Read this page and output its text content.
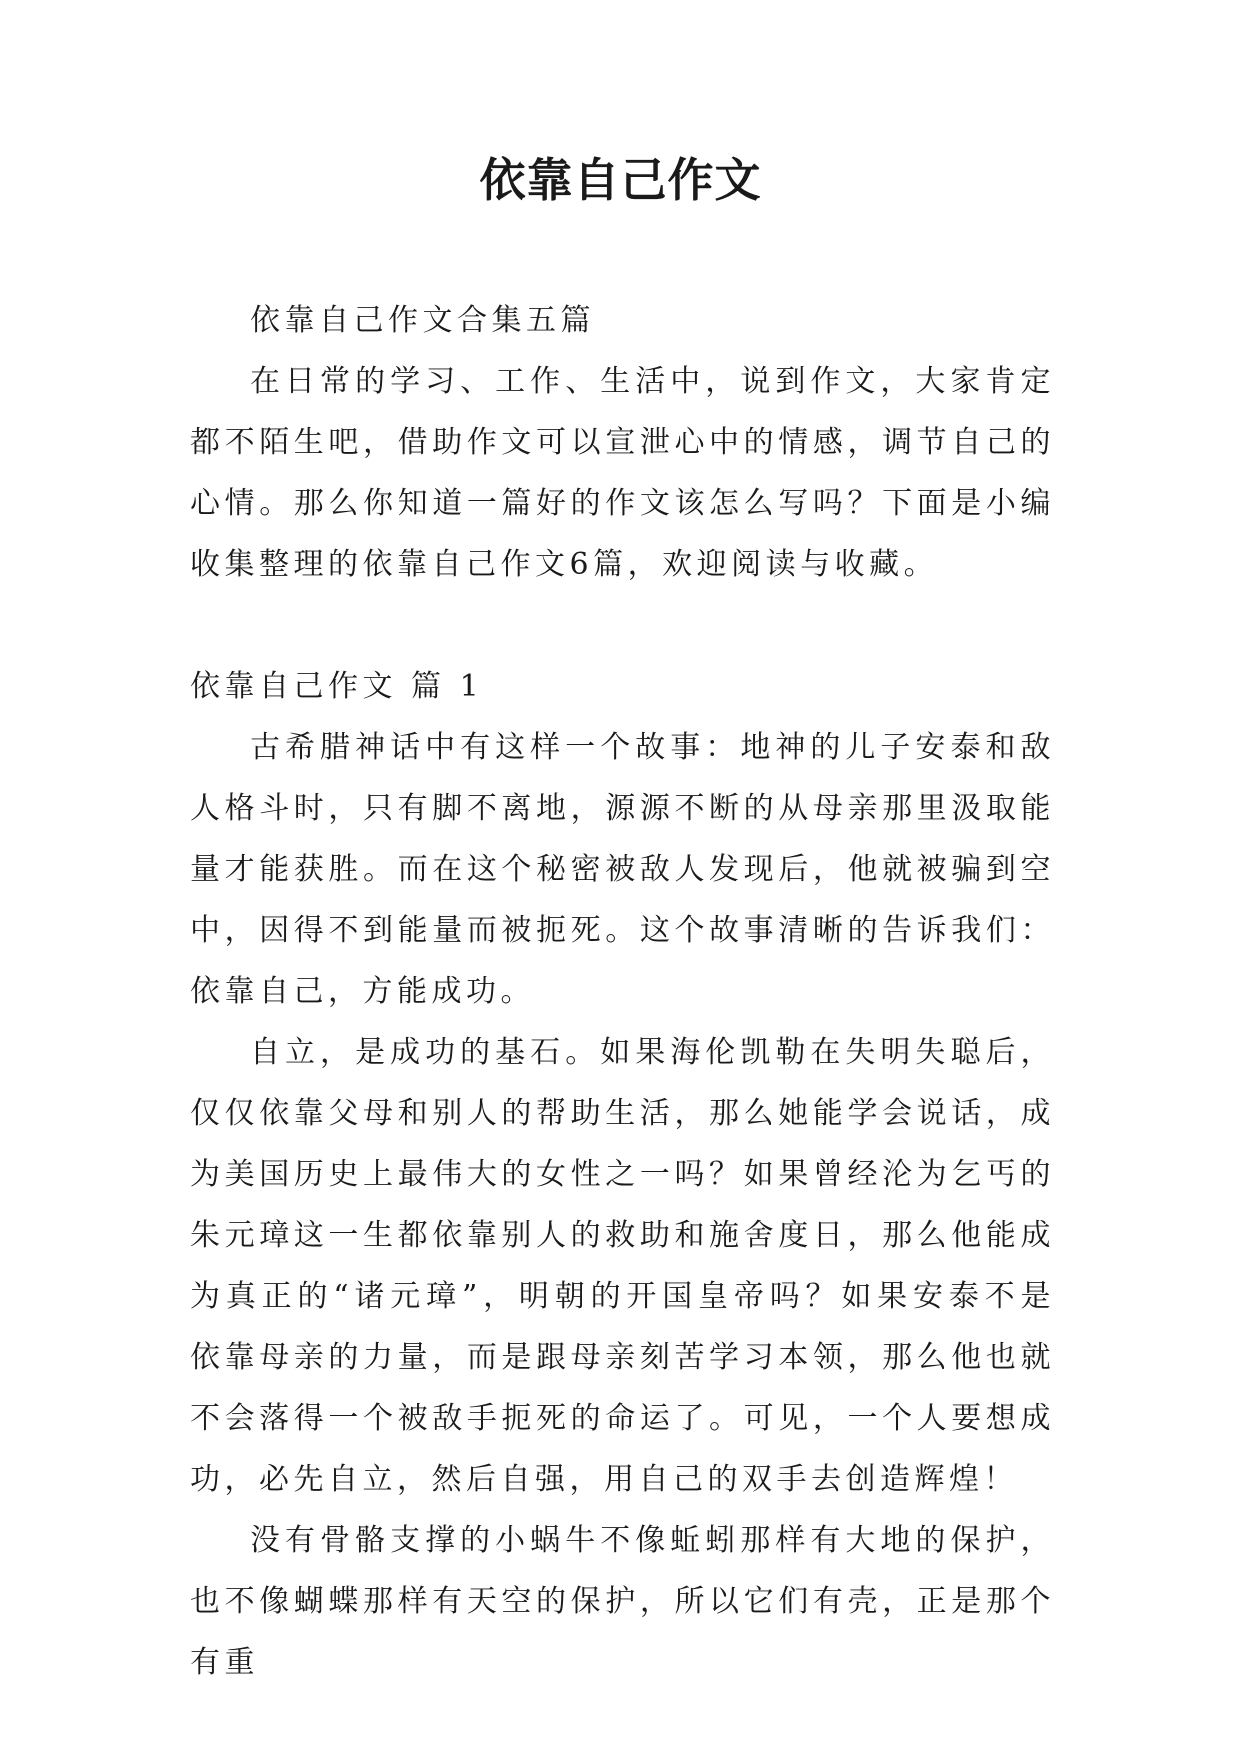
依靠自己作文

依靠自己作文合集五篇

在日常的学习、工作、生活中，说到作文，大家肯定都不陌生吧，借助作文可以宣泄心中的情感，调节自己的心情。那么你知道一篇好的作文该怎么写吗？下面是小编收集整理的依靠自己作文6篇，欢迎阅读与收藏。

依靠自己作文 篇 1

古希腊神话中有这样一个故事：地神的儿子安泰和敌人格斗时，只有脚不离地，源源不断的从母亲那里汲取能量才能获胜。而在这个秘密被敌人发现后，他就被骗到空中，因得不到能量而被扼死。这个故事清晰的告诉我们：依靠自己，方能成功。

自立，是成功的基石。如果海伦凯勒在失明失聪后，仅仅依靠父母和别人的帮助生活，那么她能学会说话，成为美国历史上最伟大的女性之一吗？如果曾经沦为乞丐的朱元璋这一生都依靠别人的救助和施舍度日，那么他能成为真正的“诸元璋”，明朝的开国皇帝吗？如果安泰不是依靠母亲的力量，而是跟母亲刻苦学习本领，那么他也就不会落得一个被敌手扼死的命运了。可见，一个人要想成功，必先自立，然后自强，用自己的双手去创造辉煌！

没有骨骼支撑的小蜗牛不像蚯蚓那样有大地的保护，也不像蝴蝶那样有天空的保护，所以它们有壳，正是那个有重
